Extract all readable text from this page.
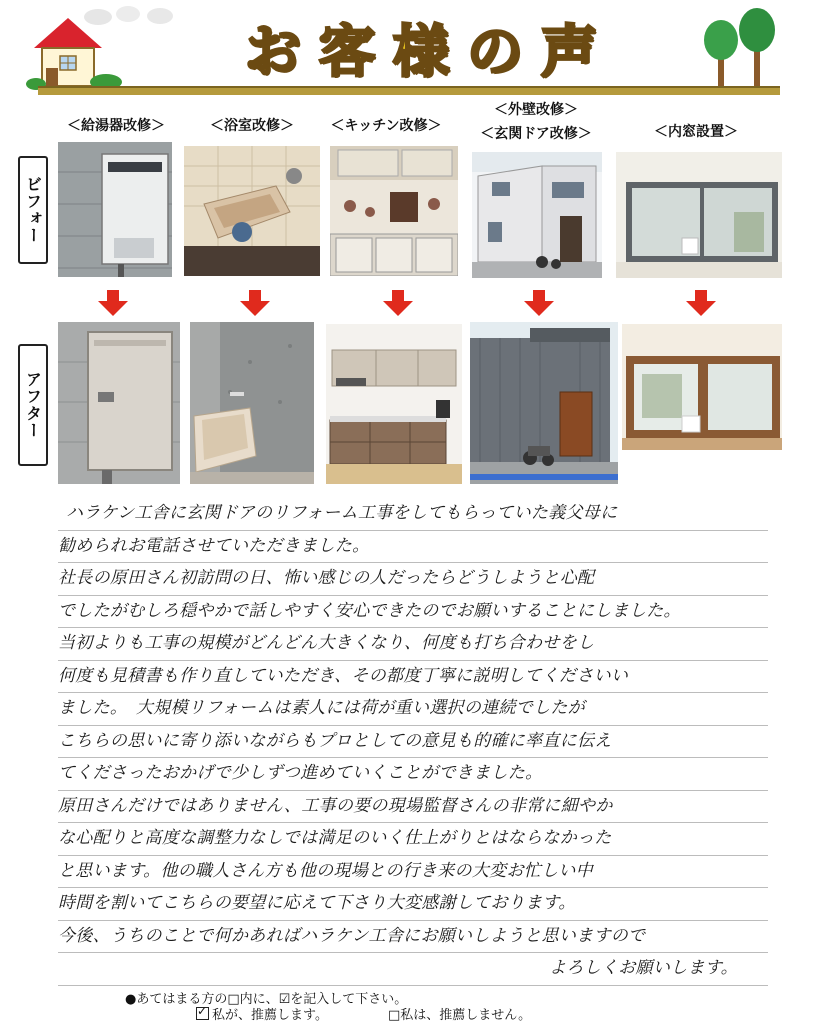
お客様の声
＜給湯器改修＞	＜浴室改修＞	＜キッチン改修＞
＜外壁改修＞
＜玄関ドア改修＞	＜内窓設置＞
ビフォー
アフター
ハラケン工舎に玄関ドアのリフォーム工事をしてもらっていた義父母に
勧められお電話させていただきました。
社長の原田さん初訪問の日、怖い感じの人だったらどうしようと心配
でしたがむしろ穏やかで話しやすく安心できたのでお願いすることにしました。
当初よりも工事の規模がどんどん大きくなり、何度も打ち合わせをし
何度も見積書も作り直していただき、その都度丁寧に説明してくださいい
ました。　大規模リフォームは素人には荷が重い選択の連続でしたが
こちらの思いに寄り添いながらもプロとしての意見も的確に率直に伝え
てくださったおかげで少しずつ進めていくことができました。
原田さんだけではありません、工事の要の現場監督さんの非常に細やか
な心配りと高度な調整力なしでは満足のいく仕上がりとはならなかった
と思います。他の職人さん方も他の現場との行き来の大変お忙しい中
時間を割いてこちらの要望に応えて下さり大変感謝しております。
今後、うちのことで何かあればハラケン工舎にお願いしようと思いますので
よろしくお願いします。
●あてはまる方の□内に、☑を記入して下さい。
✓私が、推薦します。	□私は、推薦しません。
